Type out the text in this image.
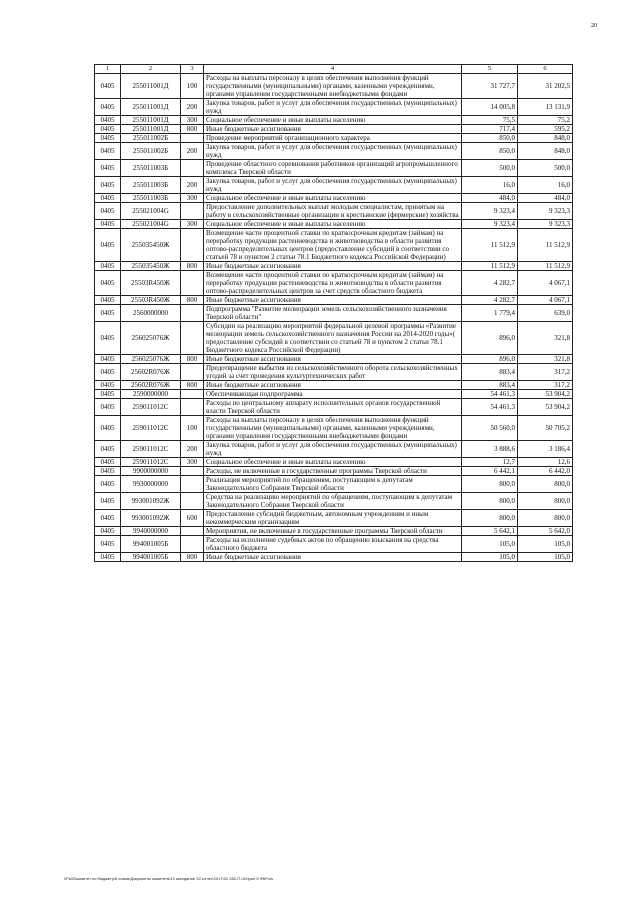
20
1	2	3	4	5	6
0405	255011001Д	100	Расходы на выплаты персоналу в целях обеспечения выполнения функций государственными (муниципальными) органами, казенными учреждениями, органами управления государственными внебюджетными фондами	31 727,7	31 202,5
0405	255011001Д	200	Закупка товаров, работ и услуг для обеспечения государственных (муниципальных) нужд	14 005,8	13 131,9
0405	255011001Д	300	Социальное обеспечение и иные выплаты населению	75,5	75,2
0405	255011001Д	800	Иные бюджетные ассигнования	717,4	595,2
0405	255011002Б		Проведение мероприятий организационного характера	850,0	848,0
0405	255011002Б	200	Закупка товаров, работ и услуг для обеспечения государственных (муниципальных) нужд	850,0	848,0
0405	255011003Б		Проведение областного соревнования работников организаций агропромышленного комплекса Тверской области	500,0	500,0
0405	255011003Б	200	Закупка товаров, работ и услуг для обеспечения государственных (муниципальных) нужд	16,0	16,0
0405	255011003Б	300	Социальное обеспечение и иные выплаты населению	484,0	484,0
0405	255021004G		Предоставление дополнительных выплат молодым специалистам, принятым на работу в сельскохозяйственные организации и крестьянские (фермерские) хозяйства	9 323,4	9 323,3
0405	255021004G	300	Социальное обеспечение и иные выплаты населению	9 323,4	9 323,3
0405	255035450Ж		Возмещение части процентной ставки по краткосрочным кредитам (займам) на переработку продукции растениеводства и животноводства в области развития оптово-распределительных центров (предоставление субсидий в соответствии со статьей 78 и пунктом 2 статьи 78.1 Бюджетного кодекса Российской Федерации)	11 512,9	11 512,9
0405	255035450Ж	800	Иные бюджетные ассигнования	11 512,9	11 512,9
0405	25503R450Ж		Возмещение части процентной ставки по краткосрочным кредитам (займам) на переработку продукции растениеводства и животноводства в области развития оптово-распределительных центров за счет средств областного бюджета	4 282,7	4 067,1
0405	25503R450Ж	800	Иные бюджетные ассигнования	4 282,7	4 067,1
0405	2560000000		Подпрограмма "Развитие мелиорации земель сельскохозяйственного назначения Тверской области"	1 779,4	639,0
0405	256025076Ж		Субсидии на реализацию мероприятий федеральной целевой программы «Развитие мелиорации земель сельскохозяйственного назначения России на 2014-2020 годы»( предоставление субсидий в соответствии со статьей 78 и пунктом 2 статьи 78.1 Бюджетного кодекса Российской Федерации)	896,0	321,8
0405	256025076Ж	800	Иные бюджетные ассигнования	896,0	321,8
0405	25602R076Ж		Предотвращение выбытия из сельскохозяйственного оборота сельскохозяйственных угодий за счет проведения культуртехнических работ	883,4	317,2
0405	25602R076Ж	800	Иные бюджетные ассигнования	883,4	317,2
0405	2590000000		Обеспечивающая подпрограмма	54 461,3	53 904,2
0405	259011012С		Расходы по центральному аппарату исполнительных органов государственной власти Тверской области	54 461,3	53 904,2
0405	259011012С	100	Расходы на выплаты персоналу в целях обеспечения выполнения функций государственными (муниципальными) органами, казенными учреждениями, органами управления государственными внебюджетными фондами	50 560,0	50 705,2
0405	259011012С	200	Закупка товаров, работ и услуг для обеспечения государственных (муниципальных) нужд	3 888,6	3 186,4
0405	259011012С	300	Социальное обеспечение и иные выплаты населению	12,7	12,6
0405	9900000000		Расходы, не включенные в государственные программы Тверской области	6 442,1	6 442,0
0405	9930000000		Реализация мероприятий по обращениям, поступающим к депутатам Законодательного Собрания Тверской области	800,0	800,0
0405	993001092Ж		Средства на реализацию мероприятий по обращениям, поступающим к депутатам Законодательного Собрания Тверской области	800,0	800,0
0405	993001092Ж	600	Предоставление субсидий бюджетным, автономным учреждениям и иным некоммерческим организациям	800,0	800,0
0405	9940000000		Мероприятия, не включенные в государственные программы Тверской области	5 642,1	5 642,0
0405	994001005Б		Расходы на исполнение судебных актов по обращению взыскания на средства областного бюджета	105,0	105,0
0405	994001005Б	800	Иные бюджетные ассигнования	105,0	105,0
\\Fs02\комитет по бюджету\6 созыв\Документы комитета\13 заседание ЗС\отчет\2017\31 282-П-ЧI\прил 5 ФКР.xls
